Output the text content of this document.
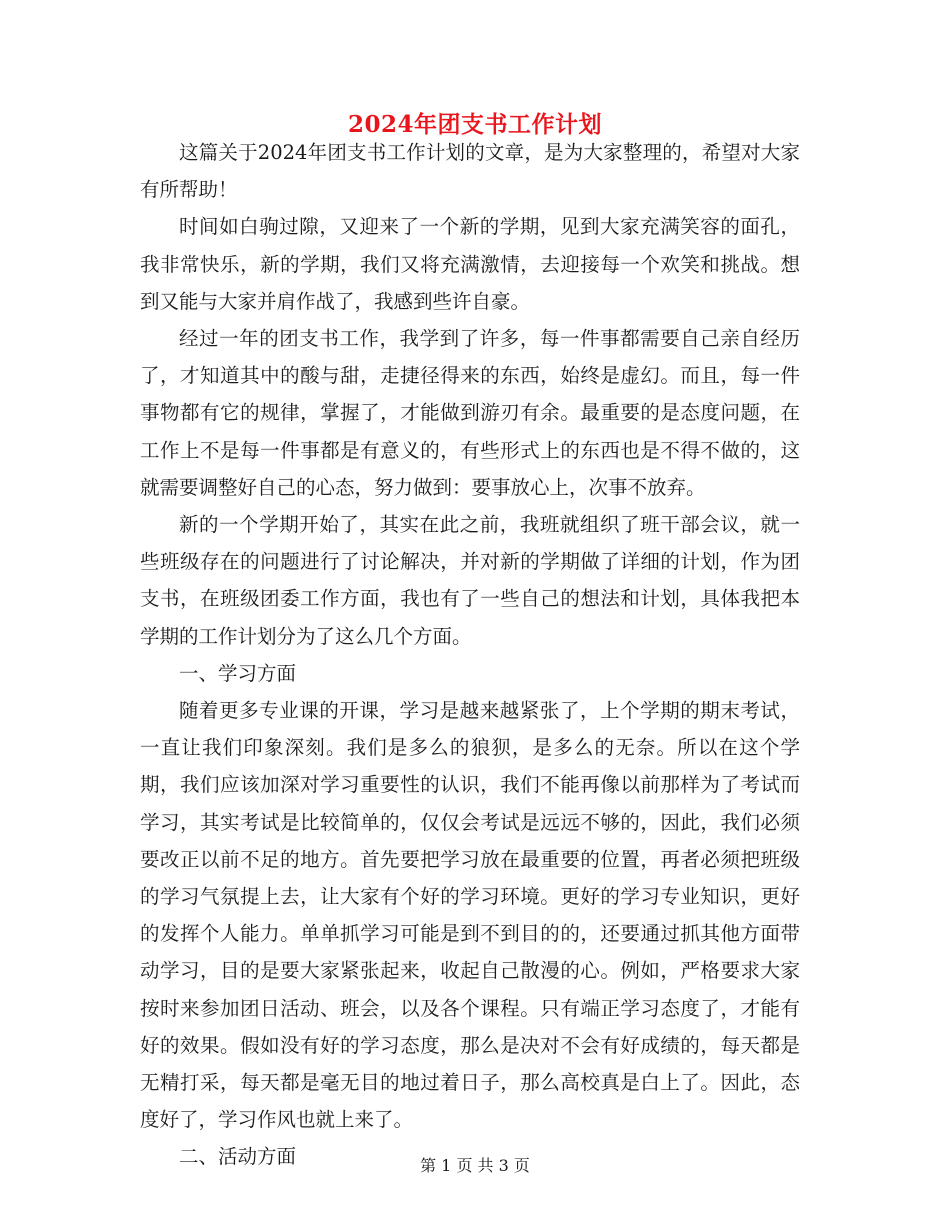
2024年团支书工作计划

这篇关于2024年团支书工作计划的文章，是为大家整理的，希望对大家有所帮助！

时间如白驹过隙，又迎来了一个新的学期，见到大家充满笑容的面孔，我非常快乐，新的学期，我们又将充满激情，去迎接每一个欢笑和挑战。想到又能与大家并肩作战了，我感到些许自豪。

经过一年的团支书工作，我学到了许多，每一件事都需要自己亲自经历了，才知道其中的酸与甜，走捷径得来的东西，始终是虚幻。而且，每一件事物都有它的规律，掌握了，才能做到游刃有余。最重要的是态度问题，在工作上不是每一件事都是有意义的，有些形式上的东西也是不得不做的，这就需要调整好自己的心态，努力做到：要事放心上，次事不放弃。

新的一个学期开始了，其实在此之前，我班就组织了班干部会议，就一些班级存在的问题进行了讨论解决，并对新的学期做了详细的计划，作为团支书，在班级团委工作方面，我也有了一些自己的想法和计划，具体我把本学期的工作计划分为了这么几个方面。

一、学习方面

随着更多专业课的开课，学习是越来越紧张了，上个学期的期末考试，一直让我们印象深刻。我们是多么的狼狈，是多么的无奈。所以在这个学期，我们应该加深对学习重要性的认识，我们不能再像以前那样为了考试而学习，其实考试是比较简单的，仅仅会考试是远远不够的，因此，我们必须要改正以前不足的地方。首先要把学习放在最重要的位置，再者必须把班级的学习气氛提上去，让大家有个好的学习环境。更好的学习专业知识，更好的发挥个人能力。单单抓学习可能是到不到目的的，还要通过抓其他方面带动学习，目的是要大家紧张起来，收起自己散漫的心。例如，严格要求大家按时来参加团日活动、班会，以及各个课程。只有端正学习态度了，才能有好的效果。假如没有好的学习态度，那么是决对不会有好成绩的，每天都是无精打采，每天都是毫无目的地过着日子，那么高校真是白上了。因此，态度好了，学习作风也就上来了。

二、活动方面	第 1 页 共 3 页
